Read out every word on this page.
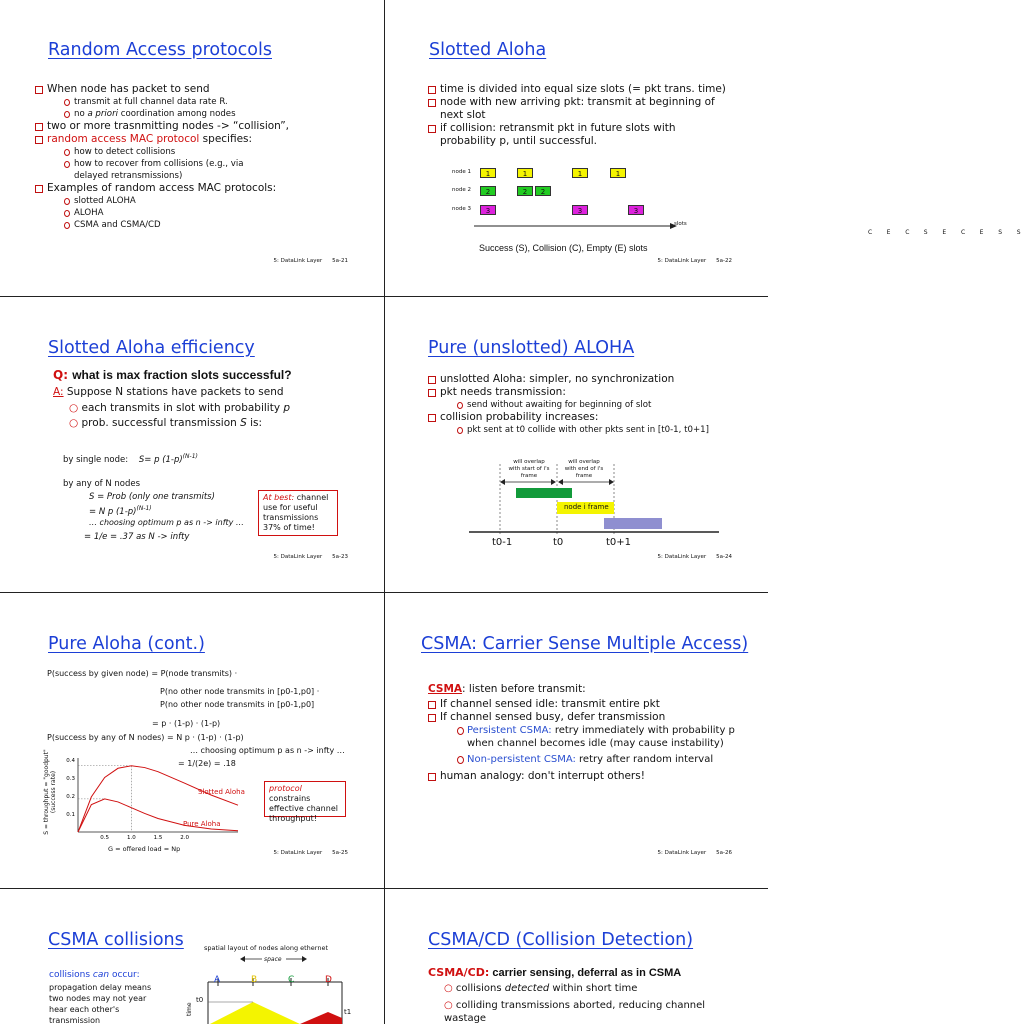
Random Access protocols
When node has packet to send
transmit at full channel data rate R.
no a priori coordination among nodes
two or more trasnmitting nodes -> “collision”,
random access MAC protocol specifies:
how to detect collisions
how to recover from collisions (e.g., via delayed retransmissions)
Examples of random access MAC protocols:
slotted ALOHA
ALOHA
CSMA and CSMA/CD
5: DataLink Layer 5a-21
Slotted Aloha
time is divided into equal size slots (= pkt trans. time)
node with new arriving pkt: transmit at beginning of next slot
if collision: retransmit pkt in future slots with probability p, until successful.
node 1
node 2
node 3
1	1	1	1
2	2	2
3	3	3
slots
C E C S E C E S S
Success (S), Collision (C), Empty (E) slots
5: DataLink Layer 5a-22
Slotted Aloha efficiency
Q: what is max fraction slots successful?
A: Suppose N stations have packets to send
○ each transmits in slot with probability p
○ prob. successful transmission S is:
by single node: S= p $(1-p)^{(N-1)}$
by any of N nodes
S = Prob (only one transmits)
= N p $(1-p)^{(N-1)}$
… choosing optimum p as n -> infty …
= 1/e = .37 as N -> infty
At best: channel use for useful transmissions 37% of time!
5: DataLink Layer 5a-23
Pure (unslotted) ALOHA
unslotted Aloha: simpler, no synchronization
pkt needs transmission:
send without awaiting for beginning of slot
collision probability increases:
pkt sent at t0 collide with other pkts sent in [t0-1, t0+1]
will overlap with start of i's frame
will overlap with end of i's frame
node i frame
t0-1	t0	t0+1
5: DataLink Layer 5a-24
Pure Aloha (cont.)
P(success by given node) = P(node transmits) ·
P(no other node transmits in [p0-1,p0] ·
P(no other node transmits in [p0-1,p0]
= p · (1-p) · (1-p)
P(success by any of N nodes) = N p · (1-p) · (1-p)
… choosing optimum p as n -> infty …
= 1/(2e) = .18
0.4
0.3
0.2
0.1
0.5	1.0	1.5	2.0
S = throughput = "goodput" (success rate)
G = offered load = Np
Slotted Aloha
Pure Aloha
protocol constrains effective channel throughput!
5: DataLink Layer 5a-25
CSMA: Carrier Sense Multiple Access)
CSMA: listen before transmit:
If channel sensed idle: transmit entire pkt
If channel sensed busy, defer transmission
Persistent CSMA: retry immediately with probability p when channel becomes idle (may cause instability)
Non-persistent CSMA: retry after random interval
human analogy: don't interrupt others!
5: DataLink Layer 5a-26
CSMA collisions
collisions can occur:
propagation delay means two nodes may not year hear each other's transmission
spatial layout of nodes along ethernet
space
A	B	C	D
t0
t1
time
CSMA/CD (Collision Detection)
CSMA/CD: carrier sensing, deferral as in CSMA
○ collisions detected within short time
○ colliding transmissions aborted, reducing channel wastage
